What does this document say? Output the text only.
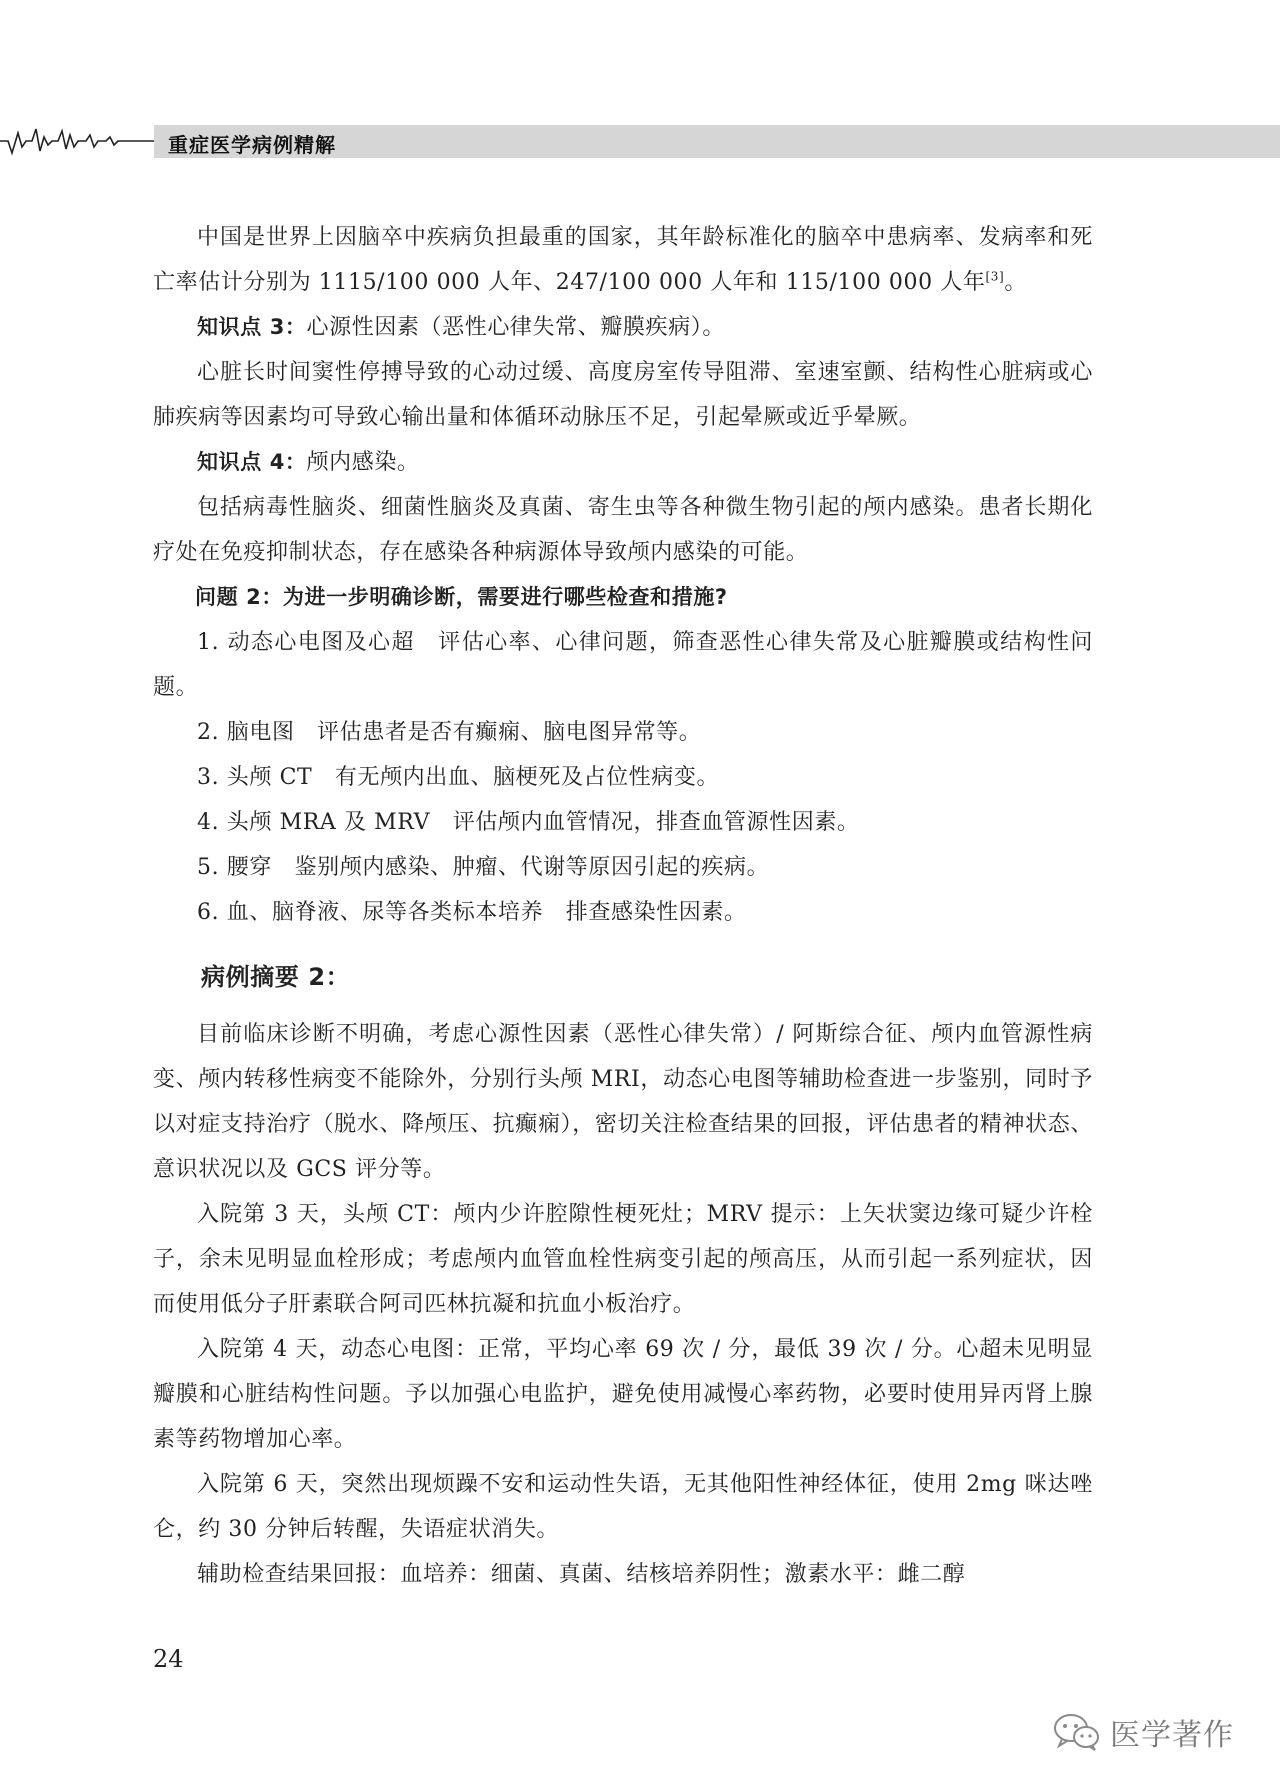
重症医学病例精解

中国是世界上因脑卒中疾病负担最重的国家，其年龄标准化的脑卒中患病率、发病率和死亡率估计分别为 1115/100 000 人年、247/100 000 人年和 115/100 000 人年[3]。

知识点 3：心源性因素（恶性心律失常、瓣膜疾病）。

心脏长时间窦性停搏导致的心动过缓、高度房室传导阻滞、室速室颤、结构性心脏病或心肺疾病等因素均可导致心输出量和体循环动脉压不足，引起晕厥或近乎晕厥。

知识点 4：颅内感染。

包括病毒性脑炎、细菌性脑炎及真菌、寄生虫等各种微生物引起的颅内感染。患者长期化疗处在免疫抑制状态，存在感染各种病源体导致颅内感染的可能。

问题 2：为进一步明确诊断，需要进行哪些检查和措施?

1. 动态心电图及心超　评估心率、心律问题，筛查恶性心律失常及心脏瓣膜或结构性问题。

2. 脑电图　评估患者是否有癫痫、脑电图异常等。

3. 头颅 CT　有无颅内出血、脑梗死及占位性病变。

4. 头颅 MRA 及 MRV　评估颅内血管情况，排查血管源性因素。

5. 腰穿　鉴别颅内感染、肿瘤、代谢等原因引起的疾病。

6. 血、脑脊液、尿等各类标本培养　排查感染性因素。

病例摘要 2：

目前临床诊断不明确，考虑心源性因素（恶性心律失常）/ 阿斯综合征、颅内血管源性病变、颅内转移性病变不能除外，分别行头颅 MRI，动态心电图等辅助检查进一步鉴别，同时予以对症支持治疗（脱水、降颅压、抗癫痫），密切关注检查结果的回报，评估患者的精神状态、意识状况以及 GCS 评分等。

入院第 3 天，头颅 CT：颅内少许腔隙性梗死灶；MRV 提示：上矢状窦边缘可疑少许栓子，余未见明显血栓形成；考虑颅内血管血栓性病变引起的颅高压，从而引起一系列症状，因而使用低分子肝素联合阿司匹林抗凝和抗血小板治疗。

入院第 4 天，动态心电图：正常，平均心率 69 次 / 分，最低 39 次 / 分。心超未见明显瓣膜和心脏结构性问题。予以加强心电监护，避免使用减慢心率药物，必要时使用异丙肾上腺素等药物增加心率。

入院第 6 天，突然出现烦躁不安和运动性失语，无其他阳性神经体征，使用 2mg 咪达唑仑，约 30 分钟后转醒，失语症状消失。

辅助检查结果回报：血培养：细菌、真菌、结核培养阴性；激素水平：雌二醇

24
医学著作
